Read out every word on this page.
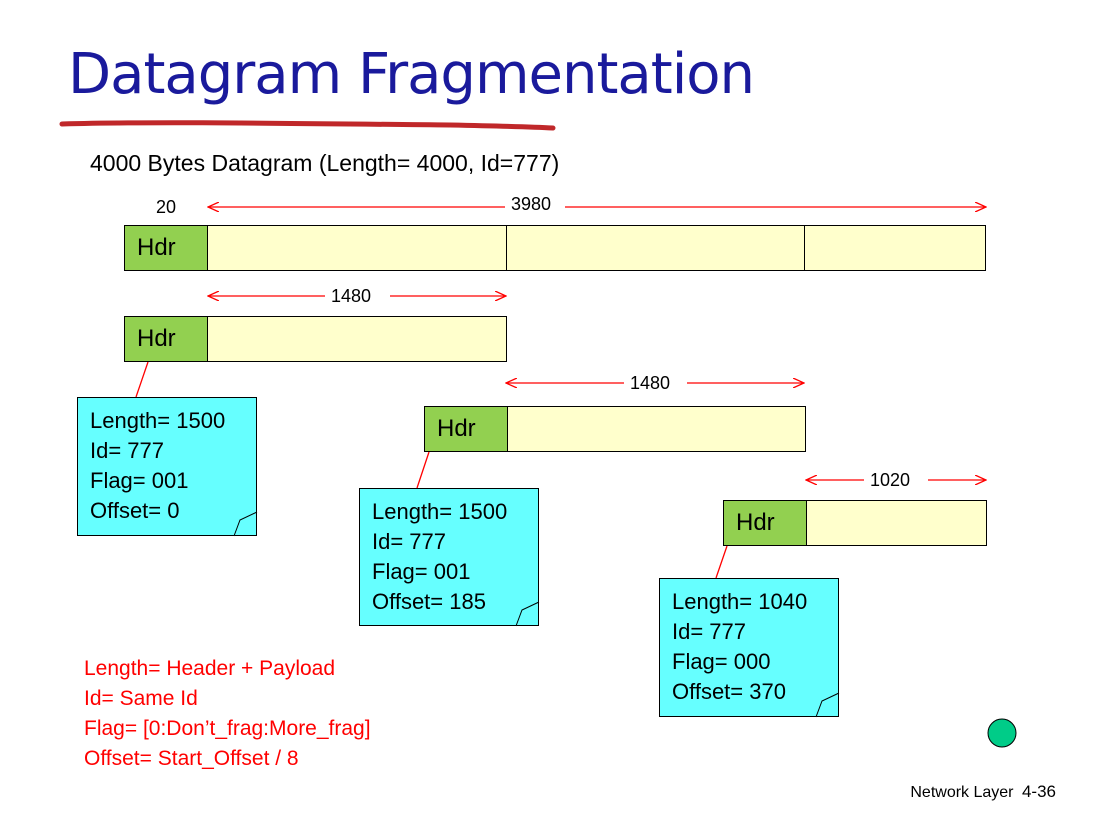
Datagram Fragmentation
4000 Bytes Datagram (Length= 4000, Id=777)
20	3980
Hdr
1480
Hdr
Length= 1500
Id= 777
Flag= 001
Offset= 0
1480
Hdr
Length= 1500
Id= 777
Flag= 001
Offset= 185
1020
Hdr
Length= 1040
Id= 777
Flag= 000
Offset= 370
Length= Header + Payload
Id= Same Id
Flag= [0:Don’t_frag:More_frag]
Offset= Start_Offset / 8
Network Layer 4-36
